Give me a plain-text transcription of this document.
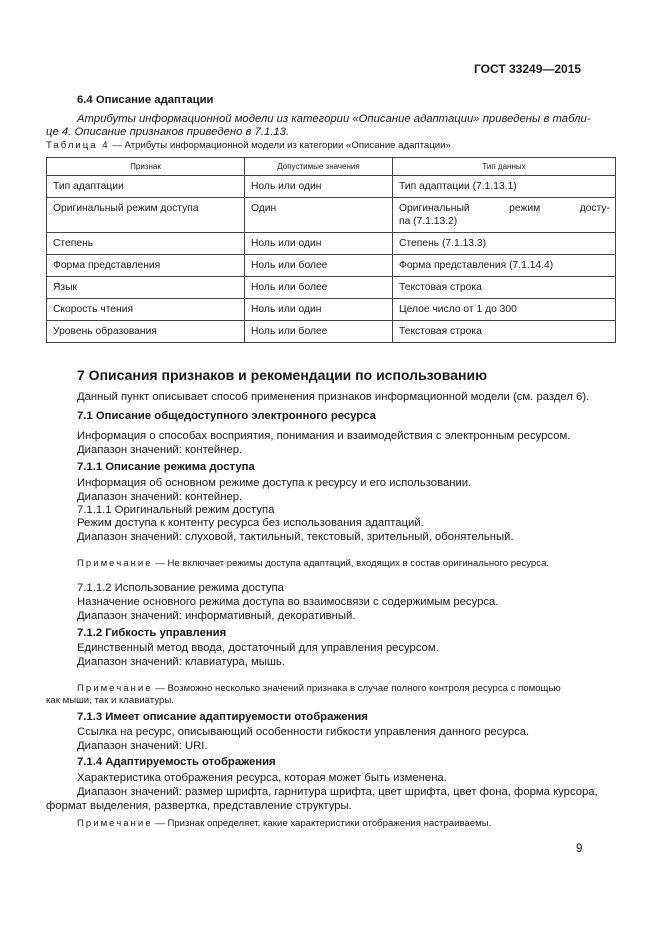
ГОСТ 33249—2015
6.4 Описание адаптации
Атрибуты информационной модели из категории «Описание адаптации» приведены в табли-
це 4. Описание признаков приведено в 7.1.13.
Таблица 4 — Атрибуты информационной модели из категории «Описание адаптации»
Признак	Допустимые значения	Тип данных
Тип адаптации	Ноль или один	Тип адаптации (7.1.13.1)
Оригинальный режим доступа	Один	Оригинальный режим досту-
па (7.1.13.2)

Степень	Ноль или один	Степень (7.1.13.3)
Форма представления	Ноль или более	Форма представления (7.1.14.4)
Язык	Ноль или более	Текстовая строка
Скорость чтения	Ноль или один	Целое число от 1 до 300
Уровень образования	Ноль или более	Текстовая строка
7 Описания признаков и рекомендации по использованию
Данный пункт описывает способ применения признаков информационной модели (см. раздел 6).
7.1 Описание общедоступного электронного ресурса
Информация о способах восприятия, понимания и взаимодействия с электронным ресурсом.
Диапазон значений: контейнер.
7.1.1 Описание режима доступа
Информация об основном режиме доступа к ресурсу и его использовании.
Диапазон значений: контейнер.
7.1.1.1 Оригинальный режим доступа
Режим доступа к контенту ресурса без использования адаптаций.
Диапазон значений: слуховой, тактильный, текстовый, зрительный, обонятельный.
Примечание — Не включает режимы доступа адаптаций, входящих в состав оригинального ресурса.
7.1.1.2 Использование режима доступа
Назначение основного режима доступа во взаимосвязи с содержимым ресурса.
Диапазон значений: информативный, декоративный.
7.1.2 Гибкость управления
Единственный метод ввода, достаточный для управления ресурсом.
Диапазон значений: клавиатура, мышь.
Примечание — Возможно несколько значений признака в случае полного контроля ресурса с помощью
как мыши, так и клавиатуры.
7.1.3 Имеет описание адаптируемости отображения
Ссылка на ресурс, описывающий особенности гибкости управления данного ресурса.
Диапазон значений: URI.
7.1.4 Адаптируемость отображения
Характеристика отображения ресурса, которая может быть изменена.
Диапазон значений: размер шрифта, гарнитура шрифта, цвет шрифта, цвет фона, форма курсора,
формат выделения, развертка, представление структуры.
Примечание — Признак определяет, какие характеристики отображения настраиваемы.
9
